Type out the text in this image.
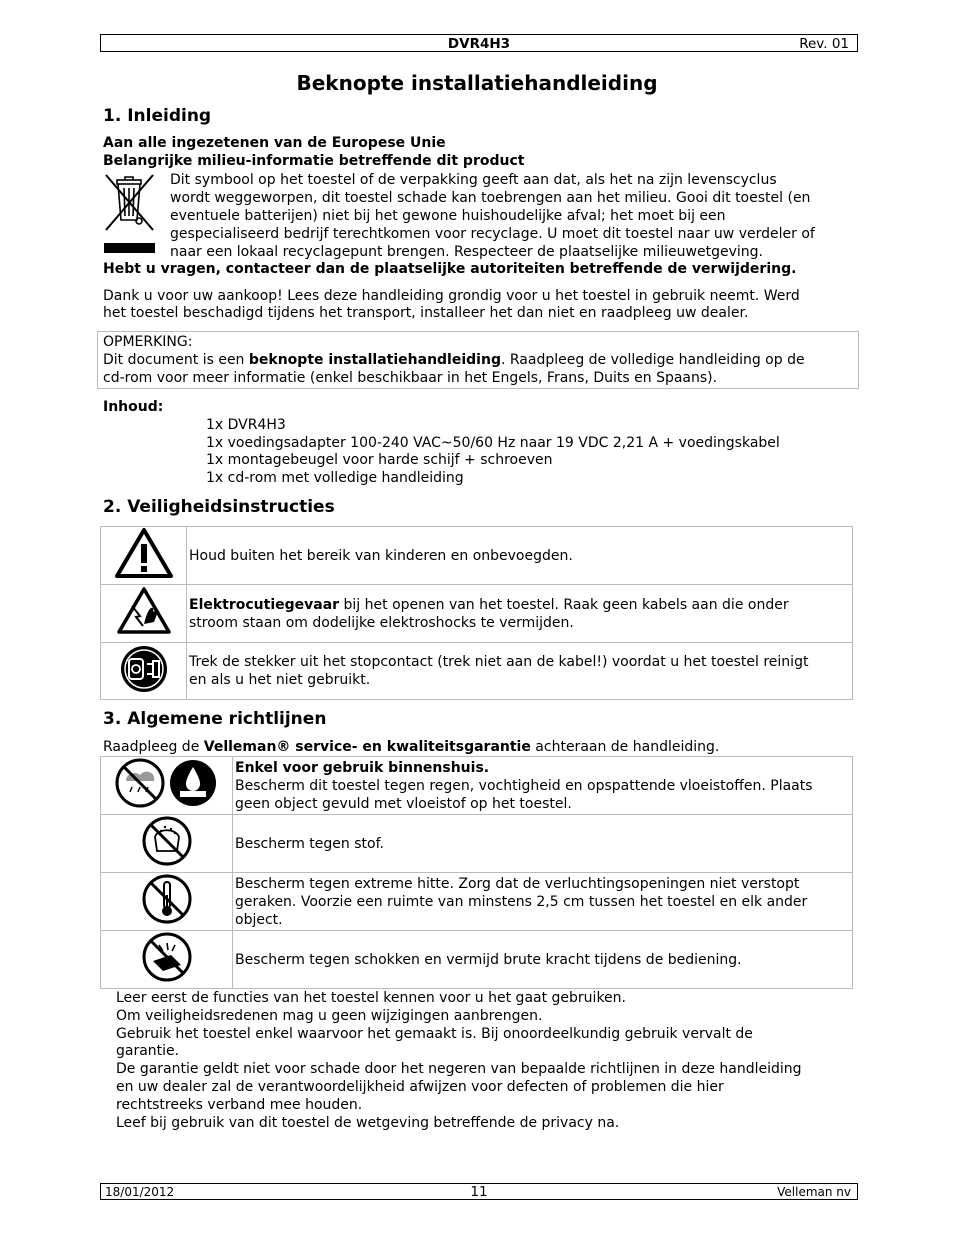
DVR4H3	Rev. 01
Beknopte installatiehandleiding
1. Inleiding
Aan alle ingezetenen van de Europese Unie
Belangrijke milieu-informatie betreffende dit product
Dit symbool op het toestel of de verpakking geeft aan dat, als het na zijn levenscyclus
wordt weggeworpen, dit toestel schade kan toebrengen aan het milieu. Gooi dit toestel (en
eventuele batterijen) niet bij het gewone huishoudelijke afval; het moet bij een
gespecialiseerd bedrijf terechtkomen voor recyclage. U moet dit toestel naar uw verdeler of
naar een lokaal recyclagepunt brengen. Respecteer de plaatselijke milieuwetgeving.
Hebt u vragen, contacteer dan de plaatselijke autoriteiten betreffende de verwijdering.
Dank u voor uw aankoop! Lees deze handleiding grondig voor u het toestel in gebruik neemt. Werd
het toestel beschadigd tijdens het transport, installeer het dan niet en raadpleeg uw dealer.
OPMERKING:
Dit document is een beknopte installatiehandleiding. Raadpleeg de volledige handleiding op de
cd-rom voor meer informatie (enkel beschikbaar in het Engels, Frans, Duits en Spaans).
Inhoud:
1x DVR4H3
1x voedingsadapter 100-240 VAC~50/60 Hz naar 19 VDC 2,21 A + voedingskabel
1x montagebeugel voor harde schijf + schroeven
1x cd-rom met volledige handleiding
2. Veiligheidsinstructies
	Houd buiten het bereik van kinderen en onbevoegden.
	Elektrocutiegevaar bij het openen van het toestel. Raak geen kabels aan die onder
stroom staan om dodelijke elektroshocks te vermijden.
	Trek de stekker uit het stopcontact (trek niet aan de kabel!) voordat u het toestel reinigt
en als u het niet gebruikt.
3. Algemene richtlijnen
Raadpleeg de Velleman® service- en kwaliteitsgarantie achteraan de handleiding.
	Enkel voor gebruik binnenshuis.
Bescherm dit toestel tegen regen, vochtigheid en opspattende vloeistoffen. Plaats
geen object gevuld met vloeistof op het toestel.
	Bescherm tegen stof.
	Bescherm tegen extreme hitte. Zorg dat de verluchtingsopeningen niet verstopt
geraken. Voorzie een ruimte van minstens 2,5 cm tussen het toestel en elk ander
object.
	Bescherm tegen schokken en vermijd brute kracht tijdens de bediening.
Leer eerst de functies van het toestel kennen voor u het gaat gebruiken.
Om veiligheidsredenen mag u geen wijzigingen aanbrengen.
Gebruik het toestel enkel waarvoor het gemaakt is. Bij onoordeelkundig gebruik vervalt de
garantie.
De garantie geldt niet voor schade door het negeren van bepaalde richtlijnen in deze handleiding
en uw dealer zal de verantwoordelijkheid afwijzen voor defecten of problemen die hier
rechtstreeks verband mee houden.
Leef bij gebruik van dit toestel de wetgeving betreffende de privacy na.
18/01/2012	11	Velleman nv
